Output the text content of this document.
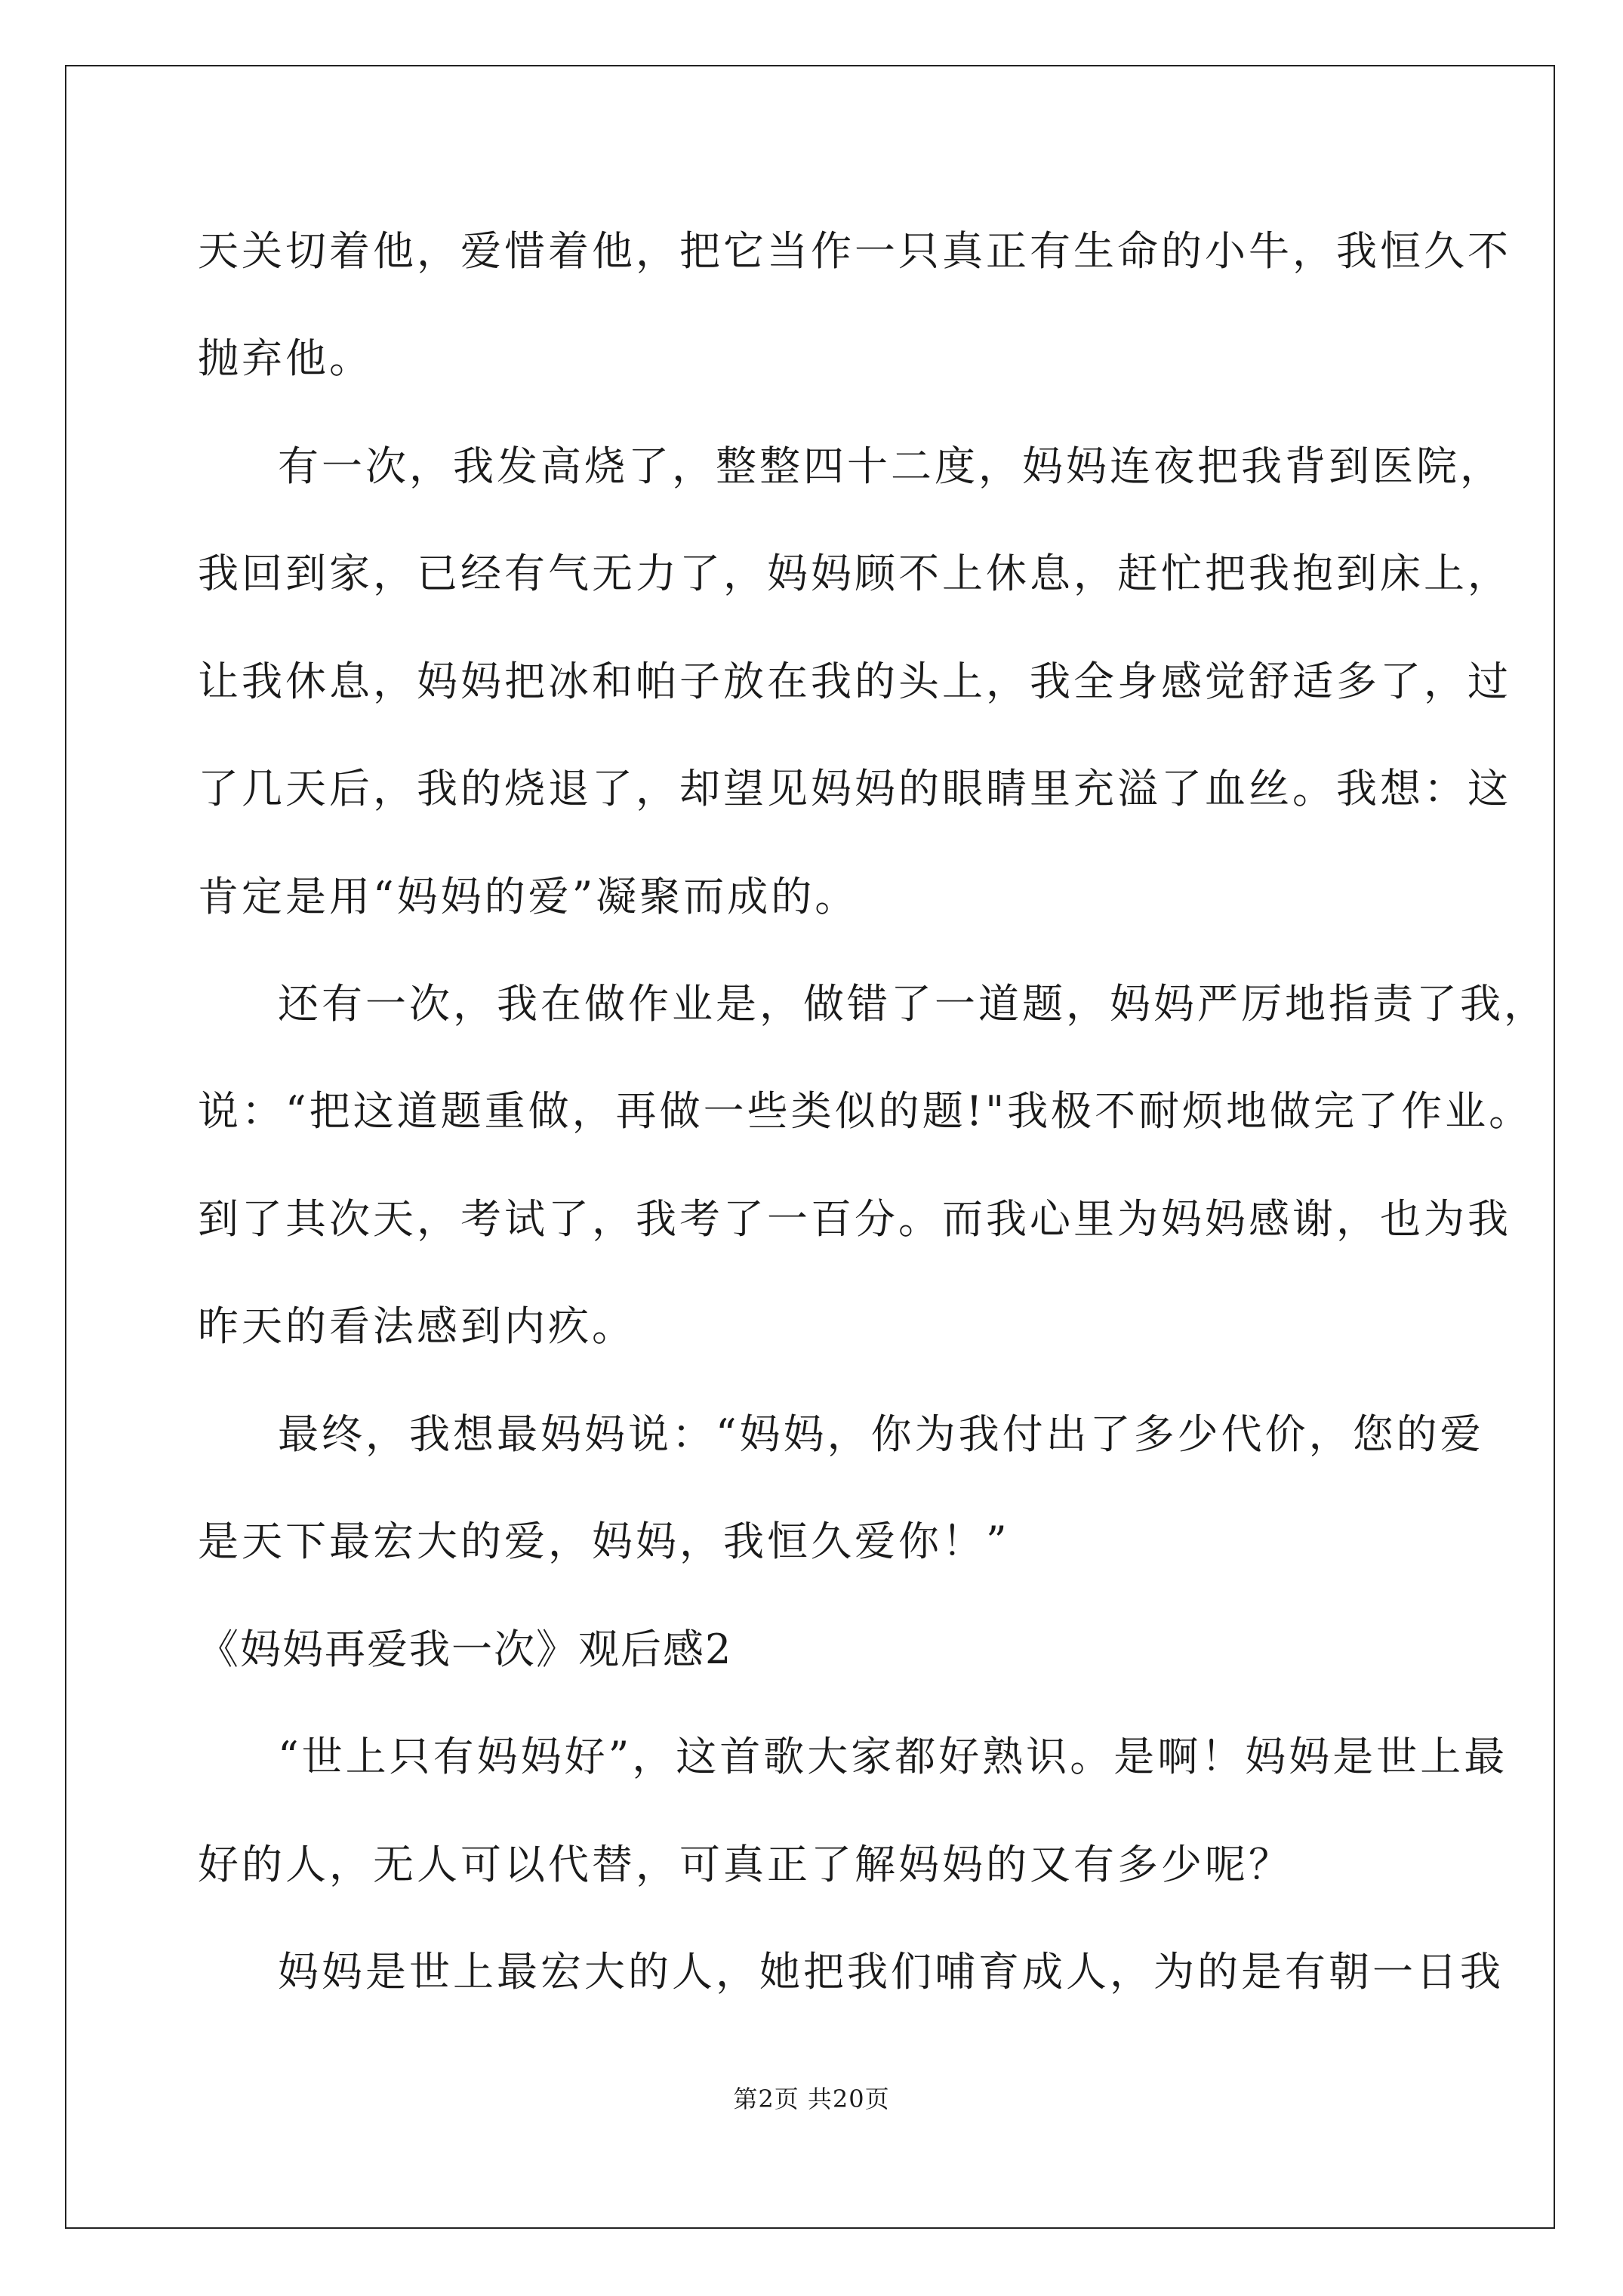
天关切着他，爱惜着他，把它当作一只真正有生命的小牛，我恒久不
抛弃他。
有一次，我发高烧了，整整四十二度，妈妈连夜把我背到医院，
我回到家，已经有气无力了，妈妈顾不上休息，赶忙把我抱到床上，
让我休息，妈妈把冰和帕子放在我的头上，我全身感觉舒适多了，过
了几天后，我的烧退了，却望见妈妈的眼睛里充溢了血丝。我想：这
肯定是用“妈妈的爱”凝聚而成的。
还有一次，我在做作业是，做错了一道题，妈妈严厉地指责了我，
说：“把这道题重做，再做一些类似的题!"我极不耐烦地做完了作业。
到了其次天，考试了，我考了一百分。而我心里为妈妈感谢，也为我
昨天的看法感到内疚。
最终，我想最妈妈说：“妈妈，你为我付出了多少代价，您的爱
是天下最宏大的爱，妈妈，我恒久爱你！”
《妈妈再爱我一次》观后感2
“世上只有妈妈好”，这首歌大家都好熟识。是啊！妈妈是世上最
好的人，无人可以代替，可真正了解妈妈的又有多少呢？
妈妈是世上最宏大的人，她把我们哺育成人，为的是有朝一日我
第2页 共20页
